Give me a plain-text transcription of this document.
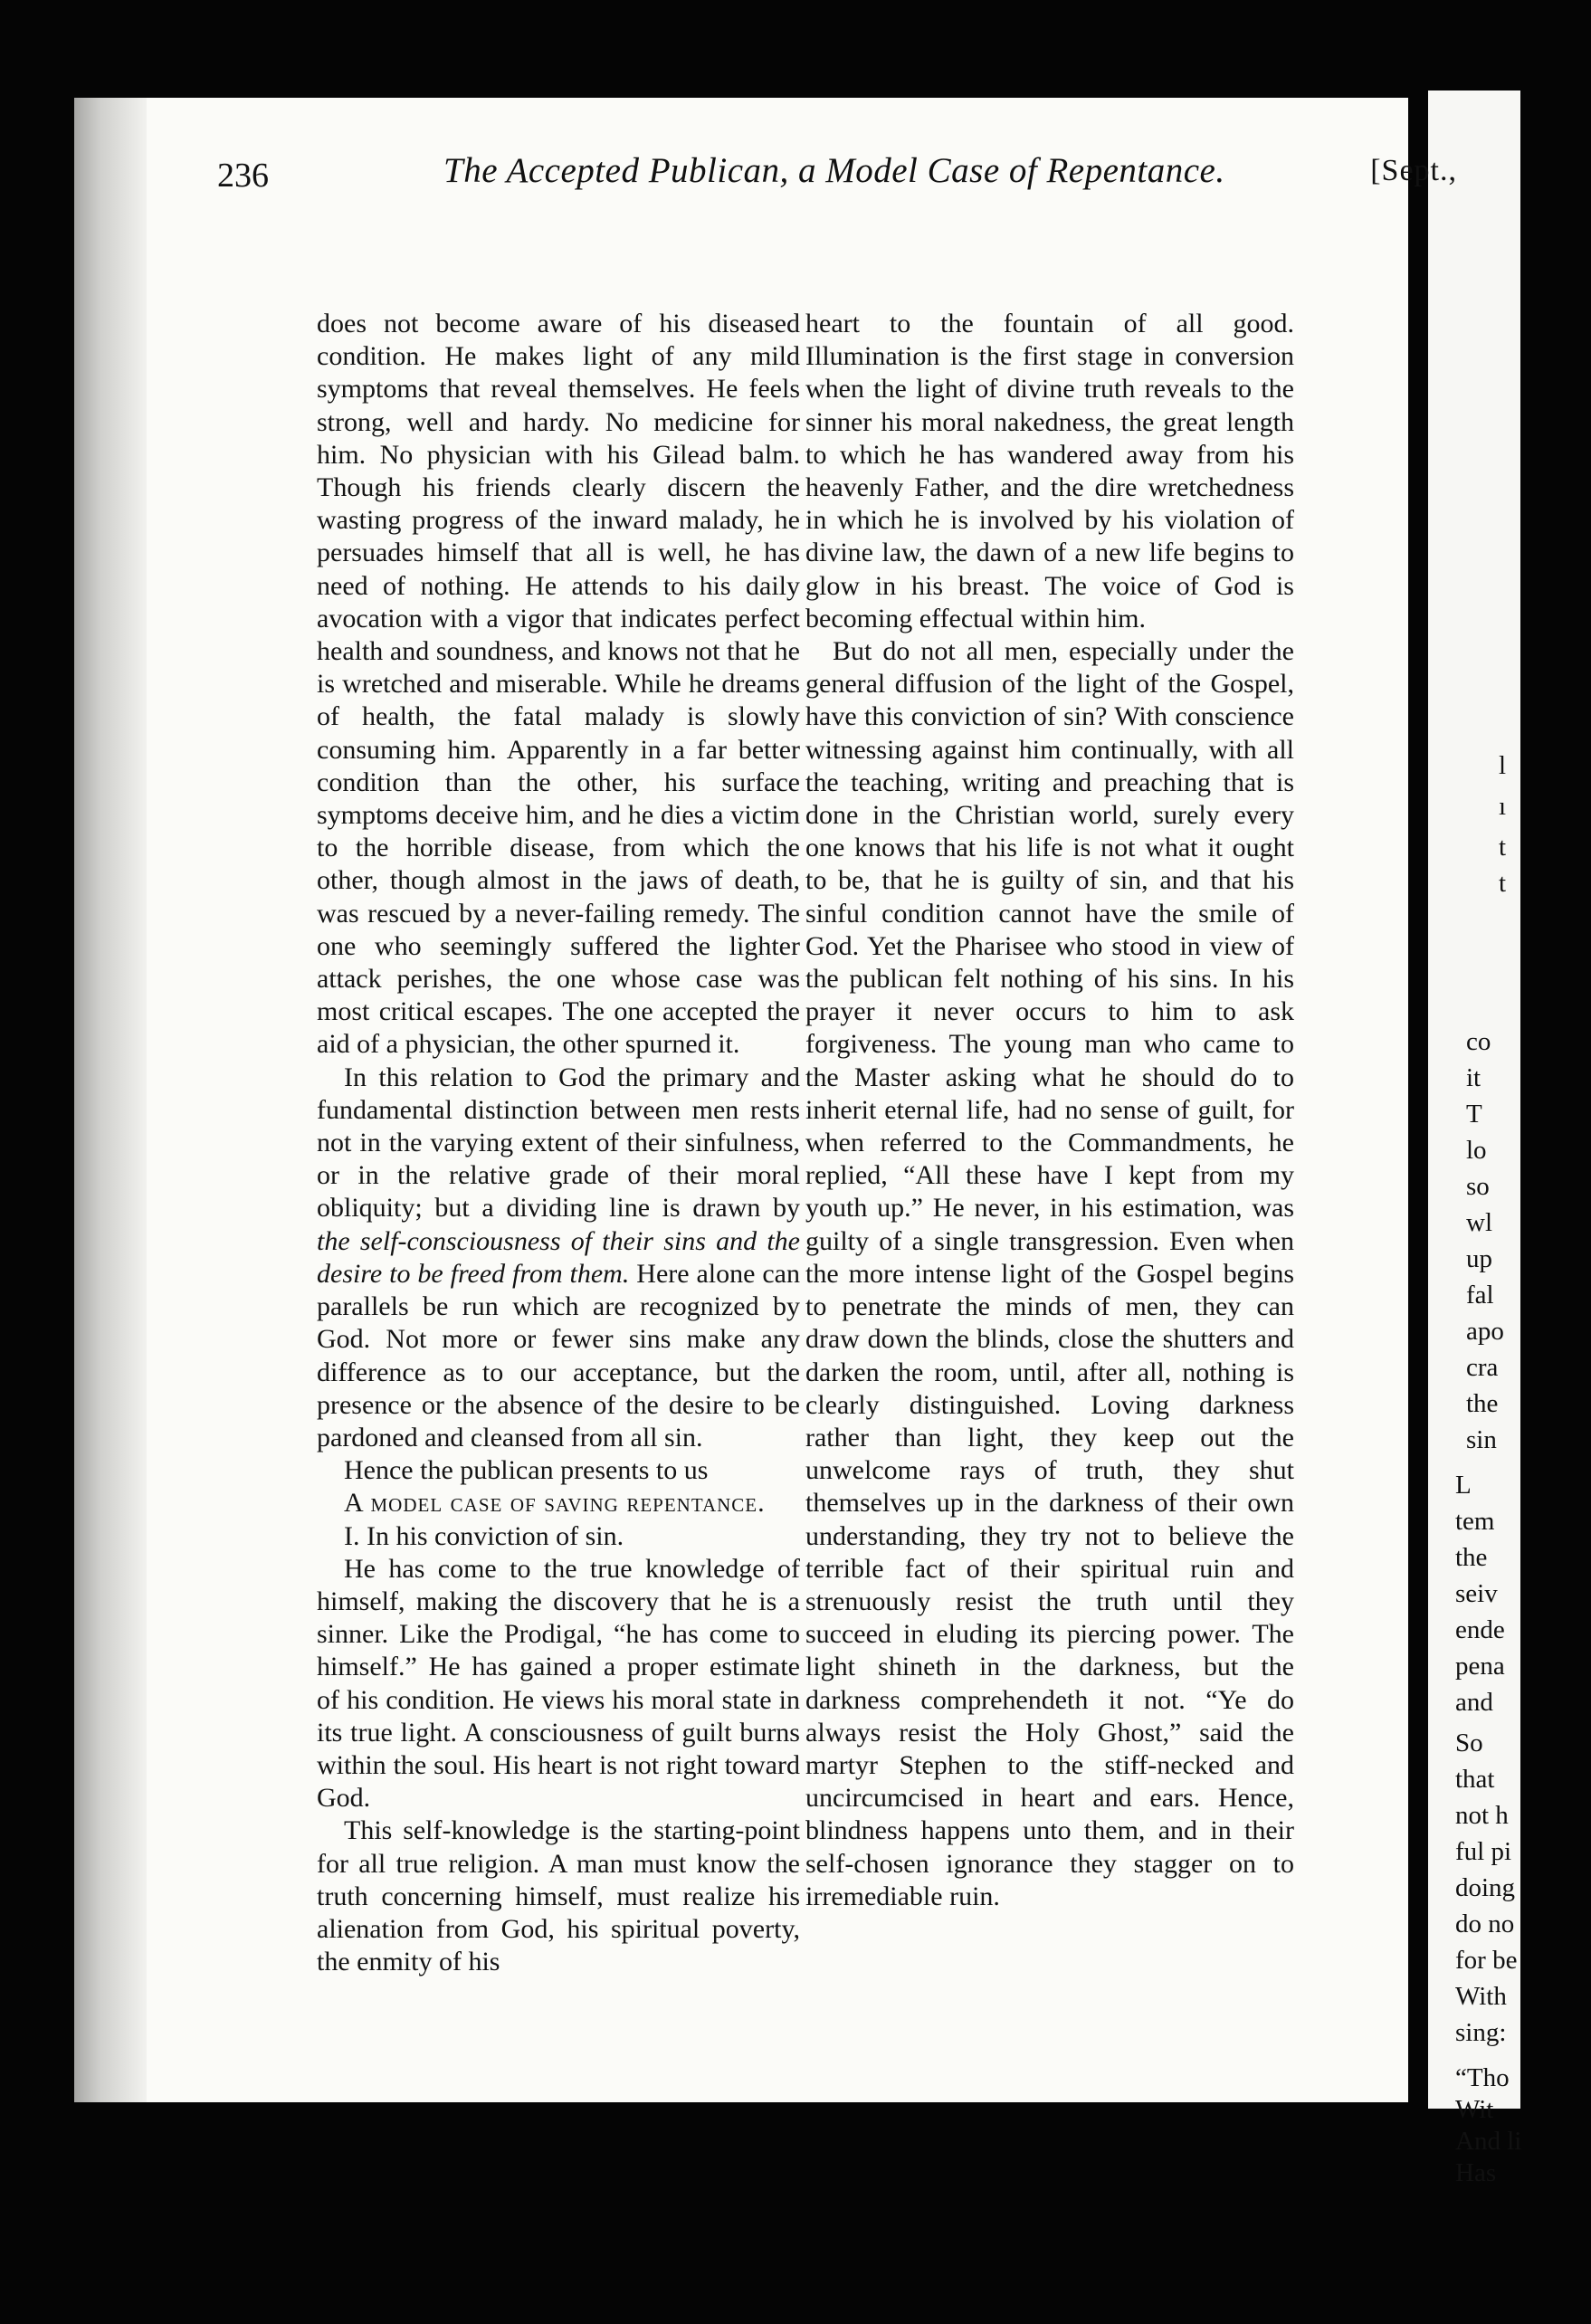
l
ı
t
t
co
it
T
lo
so
wl
up
fal
apo
cra
the
sin
L
tem
the
seiv
ende
pena
and
So
that
not h
ful pi
doing
do no
for be
With
sing:
“Tho
Wit
And li
Has
236	The Accepted Publican, a Model Case of Repentance.	[Sept.,

does not become aware of his diseased condition. He makes light of any mild symptoms that reveal themselves. He feels strong, well and hardy. No medicine for him. No physician with his Gilead balm. Though his friends clearly discern the wasting progress of the inward malady, he persuades himself that all is well, he has need of nothing. He attends to his daily avocation with a vigor that indicates perfect health and soundness, and knows not that he is wretched and miserable. While he dreams of health, the fatal malady is slowly consuming him. Apparently in a far better condition than the other, his surface symptoms deceive him, and he dies a victim to the horrible disease, from which the other, though almost in the jaws of death, was rescued by a never-failing remedy. The one who seemingly suffered the lighter attack perishes, the one whose case was most critical escapes. The one accepted the aid of a physician, the other spurned it.

In this relation to God the primary and fundamental distinction between men rests not in the varying extent of their sinfulness, or in the relative grade of their moral obliquity; but a dividing line is drawn by the self-consciousness of their sins and the desire to be freed from them. Here alone can parallels be run which are recognized by God. Not more or fewer sins make any difference as to our acceptance, but the presence or the absence of the desire to be pardoned and cleansed from all sin.

Hence the publican presents to us

A model case of saving repentance.

I. In his conviction of sin.

He has come to the true knowledge of himself, making the discovery that he is a sinner. Like the Prodigal, “he has come to himself.” He has gained a proper estimate of his condition. He views his moral state in its true light. A consciousness of guilt burns within the soul. His heart is not right toward God.

This self-knowledge is the starting-point for all true religion. A man must know the truth concerning himself, must realize his alienation from God, his spiritual poverty, the enmity of his

heart to the fountain of all good. Illumination is the first stage in conversion when the light of divine truth reveals to the sinner his moral nakedness, the great length to which he has wandered away from his heavenly Father, and the dire wretchedness in which he is involved by his violation of divine law, the dawn of a new life begins to glow in his breast. The voice of God is becoming effectual within him.

But do not all men, especially under the general diffusion of the light of the Gospel, have this conviction of sin? With conscience witnessing against him continually, with all the teaching, writing and preaching that is done in the Christian world, surely every one knows that his life is not what it ought to be, that he is guilty of sin, and that his sinful condition cannot have the smile of God. Yet the Pharisee who stood in view of the publican felt nothing of his sins. In his prayer it never occurs to him to ask forgiveness. The young man who came to the Master asking what he should do to inherit eternal life, had no sense of guilt, for when referred to the Commandments, he replied, “All these have I kept from my youth up.” He never, in his estimation, was guilty of a single transgression. Even when the more intense light of the Gospel begins to penetrate the minds of men, they can draw down the blinds, close the shutters and darken the room, until, after all, nothing is clearly distinguished. Loving darkness rather than light, they keep out the unwelcome rays of truth, they shut themselves up in the darkness of their own understanding, they try not to believe the terrible fact of their spiritual ruin and strenuously resist the truth until they succeed in eluding its piercing power. The light shineth in the darkness, but the darkness comprehendeth it not. “Ye do always resist the Holy Ghost,” said the martyr Stephen to the stiff-necked and uncircumcised in heart and ears. Hence, blindness happens unto them, and in their self-chosen ignorance they stagger on to irremediable ruin.
